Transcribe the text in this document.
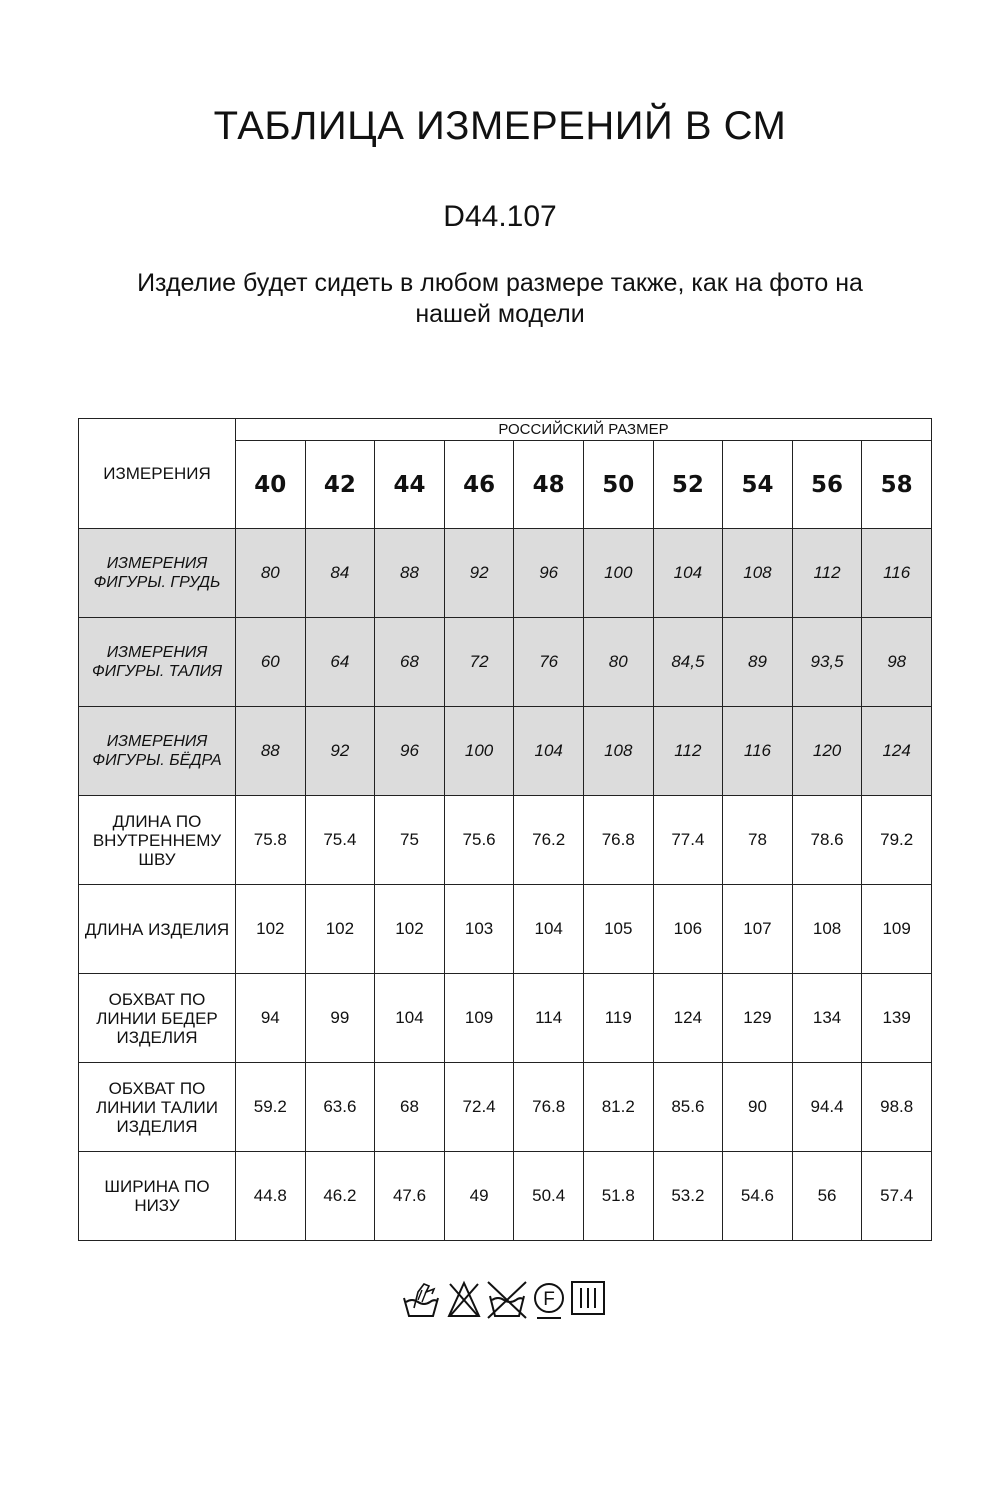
ТАБЛИЦА ИЗМЕРЕНИЙ В СМ
D44.107
Изделие будет сидеть в любом размере также, как на фото на нашей модели
ИЗМЕРЕНИЯ	РОССИЙСКИЙ РАЗМЕР									
	40	42	44	46	48	50	52	54	56	58
ИЗМЕРЕНИЯ ФИГУРЫ. ГРУДЬ	80	84	88	92	96	100	104	108	112	116
ИЗМЕРЕНИЯ ФИГУРЫ. ТАЛИЯ	60	64	68	72	76	80	84,5	89	93,5	98
ИЗМЕРЕНИЯ ФИГУРЫ. БЁДРА	88	92	96	100	104	108	112	116	120	124
ДЛИНА ПО ВНУТРЕННЕМУ ШВУ	75.8	75.4	75	75.6	76.2	76.8	77.4	78	78.6	79.2
ДЛИНА ИЗДЕЛИЯ	102	102	102	103	104	105	106	107	108	109
ОБХВАТ ПО ЛИНИИ БЕДЕР ИЗДЕЛИЯ	94	99	104	109	114	119	124	129	134	139
ОБХВАТ ПО ЛИНИИ ТАЛИИ ИЗДЕЛИЯ	59.2	63.6	68	72.4	76.8	81.2	85.6	90	94.4	98.8
ШИРИНА ПО НИЗУ	44.8	46.2	47.6	49	50.4	51.8	53.2	54.6	56	57.4
F
